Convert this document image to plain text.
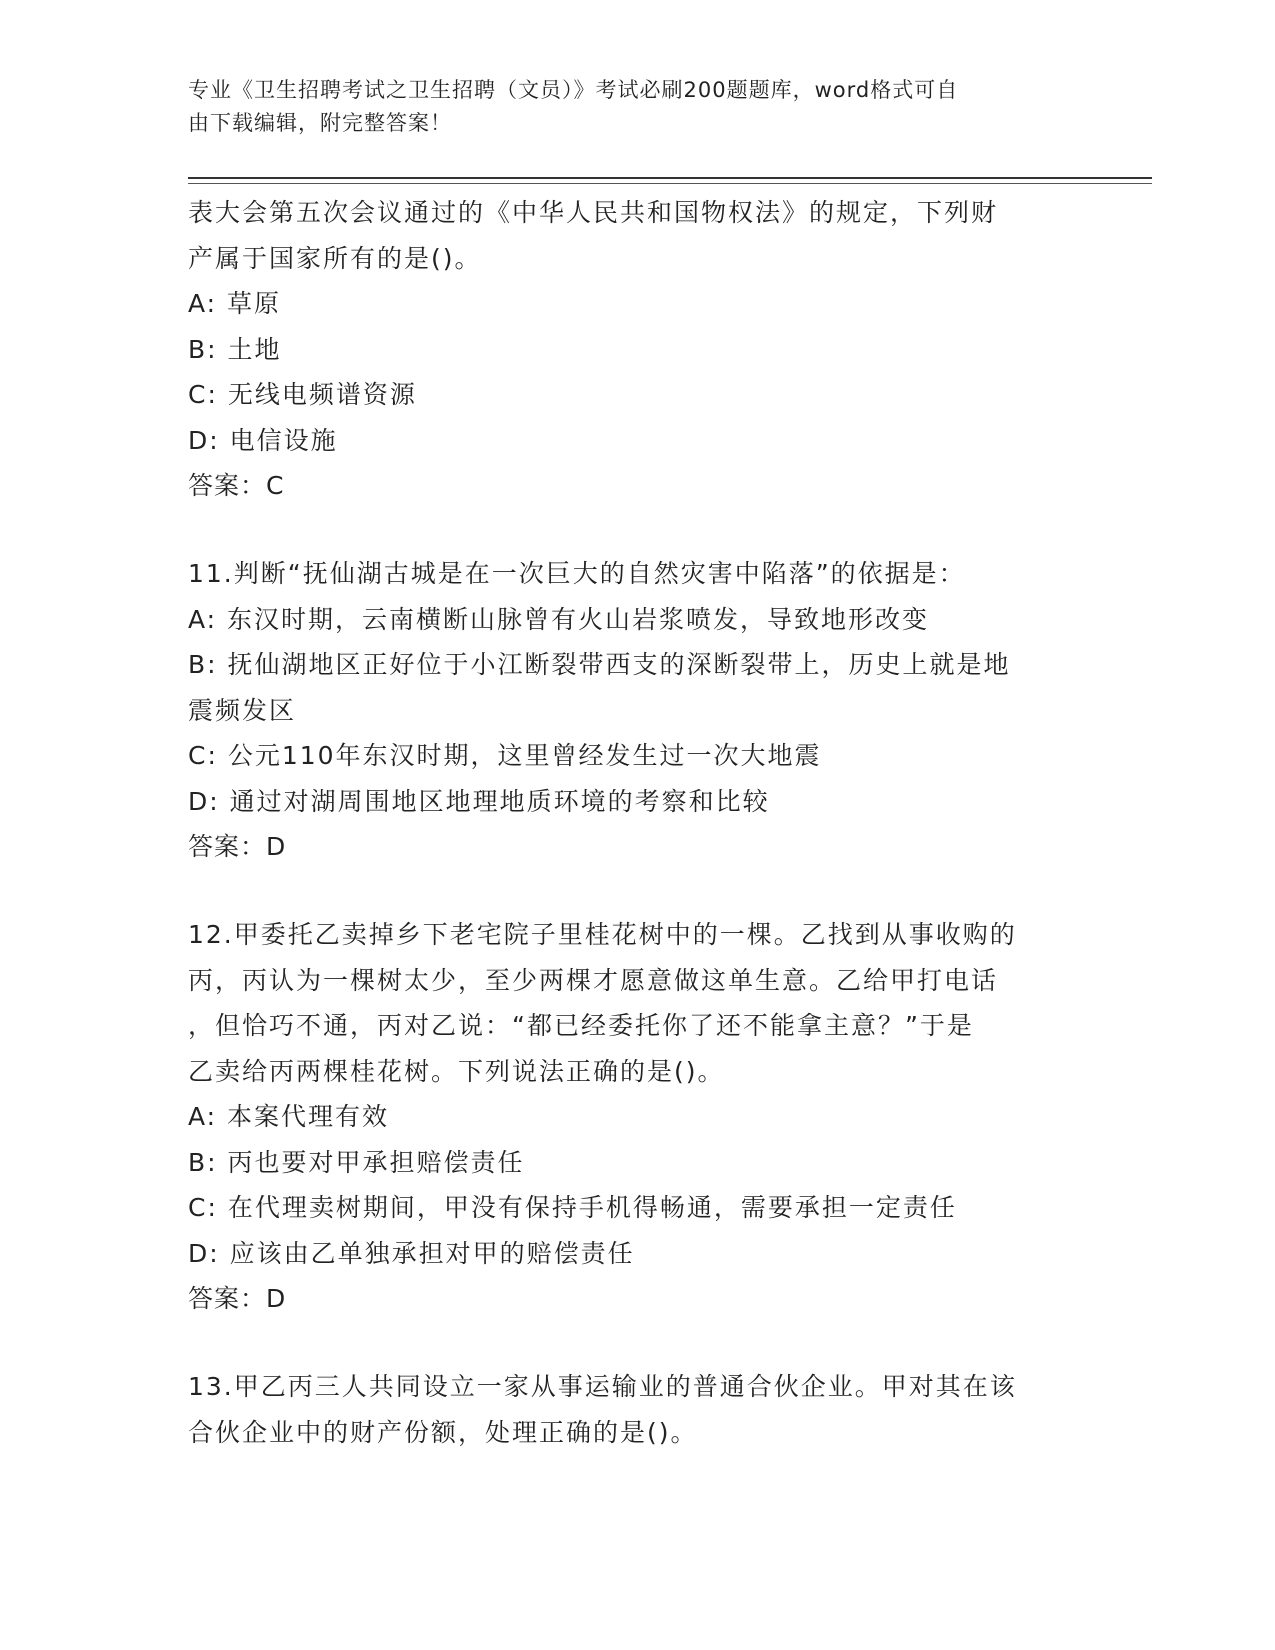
专业《卫生招聘考试之卫生招聘（文员）》考试必刷200题题库，word格式可自
由下载编辑，附完整答案！
表大会第五次会议通过的《中华人民共和国物权法》的规定，下列财
产属于国家所有的是()。
A: 草原
B: 土地
C: 无线电频谱资源
D: 电信设施
答案：C
11.判断“抚仙湖古城是在一次巨大的自然灾害中陷落”的依据是：
A: 东汉时期，云南横断山脉曾有火山岩浆喷发，导致地形改变
B: 抚仙湖地区正好位于小江断裂带西支的深断裂带上，历史上就是地
震频发区
C: 公元110年东汉时期，这里曾经发生过一次大地震
D: 通过对湖周围地区地理地质环境的考察和比较
答案：D
12.甲委托乙卖掉乡下老宅院子里桂花树中的一棵。乙找到从事收购的
丙，丙认为一棵树太少，至少两棵才愿意做这单生意。乙给甲打电话
，但恰巧不通，丙对乙说：“都已经委托你了还不能拿主意？”于是
乙卖给丙两棵桂花树。下列说法正确的是()。
A: 本案代理有效
B: 丙也要对甲承担赔偿责任
C: 在代理卖树期间，甲没有保持手机得畅通，需要承担一定责任
D: 应该由乙单独承担对甲的赔偿责任
答案：D
13.甲乙丙三人共同设立一家从事运输业的普通合伙企业。甲对其在该
合伙企业中的财产份额，处理正确的是()。
